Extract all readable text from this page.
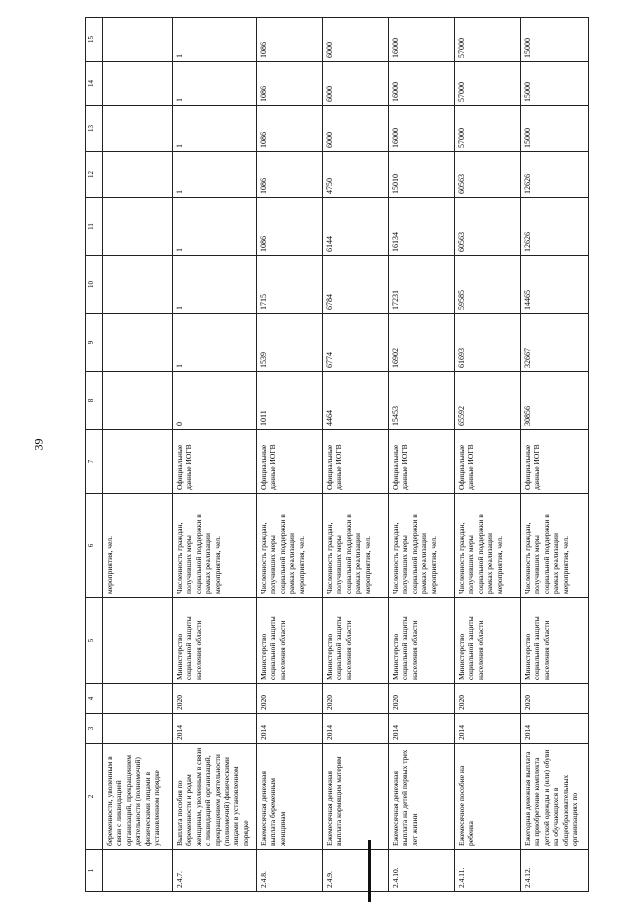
39
1	2	3	4	5	6	7	8	9	10	11	12	13	14	15
	беременности, уволенным в связи с ликвидацией организаций, прекращением деятельности (полномочий) физическими лицами в установленном порядке				мероприятия, чел.									
2.4.7.	Выплата пособия по беременности и родам женщинам, уволенным в связи с ликвидацией организаций, прекращением деятельности (полномочий) физическими лицами в установленном порядке	2014	2020	Министерство социальной защиты населения области	Численность граждан, получивших меры социальной поддержки в рамках реализации мероприятия, чел.	Официальные данные ИОГВ	0	1	1	1	1	1	1	1
2.4.8.	Ежемесячная денежная выплата беременным женщинам	2014	2020	Министерство социальной защиты населения области	Численность граждан, получивших меры социальной поддержки в рамках реализации мероприятия, чел.	Официальные данные ИОГВ	1011	1539	1715	1086	1086	1086	1086	1086
2.4.9.	Ежемесячная денежная выплата кормящим матерям	2014	2020	Министерство социальной защиты населения области	Численность граждан, получивших меры социальной поддержки в рамках реализации мероприятия, чел.	Официальные данные ИОГВ	4464	6774	6784	6144	4750	6000	6000	6000
2.4.10.	Ежемесячная денежная выплата на детей первых трех лет жизни	2014	2020	Министерство социальной защиты населения области	Численность граждан, получивших меры социальной поддержки в рамках реализации мероприятия, чел.	Официальные данные ИОГВ	15453	16902	17231	16134	15010	16000	16000	16000
2.4.11.	Ежемесячное пособие на ребенка	2014	2020	Министерство социальной защиты населения области	Численность граждан, получивших меры социальной поддержки в рамках реализации мероприятия, чел.	Официальные данные ИОГВ	65592	61693	59585	60563	60563	57000	57000	57000
2.4.12.	Ежегодная денежная выплата на приобретение комплекта детской одежды и (или) обуви на обучающихся в общеобразовательных организациях по	2014	2020	Министерство социальной защиты населения области	Численность граждан, получивших меры социальной поддержки в рамках реализации мероприятия, чел.	Официальные данные ИОГВ	30856	32667	14465	12626	12626	15000	15000	15000
